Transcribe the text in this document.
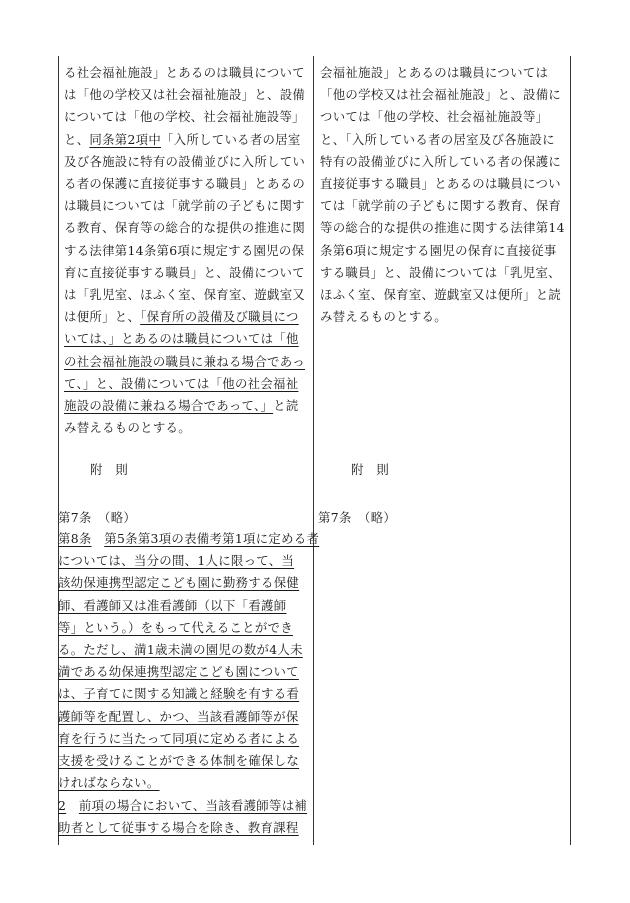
る社会福祉施設」とあるのは職員について
は「他の学校又は社会福祉施設」と、設備
については「他の学校、社会福祉施設等」
と、同条第2項中「入所している者の居室
及び各施設に特有の設備並びに入所してい
る者の保護に直接従事する職員」とあるの
は職員については「就学前の子どもに関す
る教育、保育等の総合的な提供の推進に関
する法律第14条第6項に規定する園児の保
育に直接従事する職員」と、設備について
は「乳児室、ほふく室、保育室、遊戯室又
は便所」と、「保育所の設備及び職員につ
いては、」とあるのは職員については「他
の社会福祉施設の職員に兼ねる場合であっ
て、」と、設備については「他の社会福祉
施設の設備に兼ねる場合であって、」と読
み替えるものとする。
附　則
第7条　（略）
第8条　 第5条第3項の表備考第1項に定める者
については、当分の間、1人に限って、当
該幼保連携型認定こども園に勤務する保健
師、看護師又は准看護師（以下「看護師
等」という。）をもって代えることができ
る。ただし、満1歳未満の園児の数が4人未
満である幼保連携型認定こども園について
は、子育てに関する知識と経験を有する看
護師等を配置し、かつ、当該看護師等が保
育を行うに当たって同項に定める者による
支援を受けることができる体制を確保しな
ければならない。
2　 前項の場合において、当該看護師等は補
助者として従事する場合を除き、教育課程
会福祉施設」とあるのは職員については
「他の学校又は社会福祉施設」と、設備に
ついては「他の学校、社会福祉施設等」
と、「入所している者の居室及び各施設に
特有の設備並びに入所している者の保護に
直接従事する職員」とあるのは職員につい
ては「就学前の子どもに関する教育、保育
等の総合的な提供の推進に関する法律第14
条第6項に規定する園児の保育に直接従事
する職員」と、設備については「乳児室、
ほふく室、保育室、遊戯室又は便所」と読
み替えるものとする。
附　則
第7条　（略）
